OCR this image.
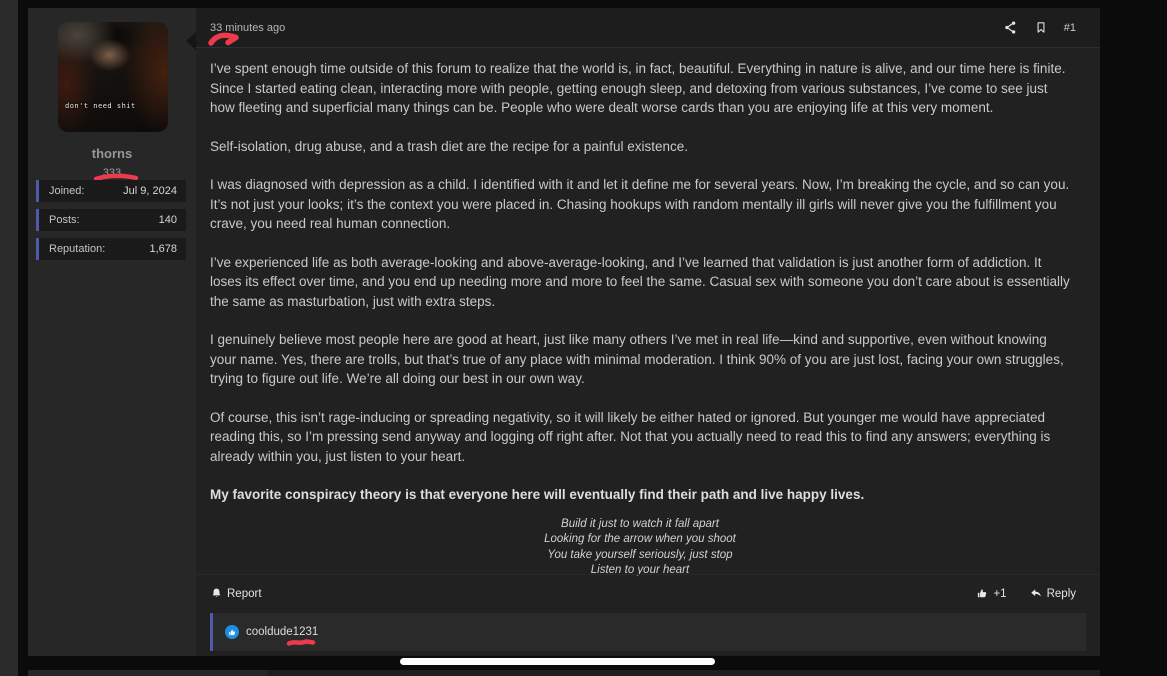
don't need shit
thorns
333
Joined:	Jul 9, 2024
Posts:	140
Reputation:	1,678
33 minutes ago	#1

I’ve spent enough time outside of this forum to realize that the world is, in fact, beautiful. Everything in nature is alive, and our time here is finite. Since I started eating clean, interacting more with people, getting enough sleep, and detoxing from various substances, I’ve come to see just how fleeting and superficial many things can be. People who were dealt worse cards than you are enjoying life at this very moment.

Self-isolation, drug abuse, and a trash diet are the recipe for a painful existence.

I was diagnosed with depression as a child. I identified with it and let it define me for several years. Now, I’m breaking the cycle, and so can you. It’s not just your looks; it’s the context you were placed in. Chasing hookups with random mentally ill girls will never give you the fulfillment you crave, you need real human connection.

I’ve experienced life as both average-looking and above-average-looking, and I’ve learned that validation is just another form of addiction. It loses its effect over time, and you end up needing more and more to feel the same. Casual sex with someone you don’t care about is essentially the same as masturbation, just with extra steps.

I genuinely believe most people here are good at heart, just like many others I’ve met in real life—kind and supportive, even without knowing your name. Yes, there are trolls, but that’s true of any place with minimal moderation. I think 90% of you are just lost, facing your own struggles, trying to figure out life. We’re all doing our best in our own way.

Of course, this isn’t rage-inducing or spreading negativity, so it will likely be either hated or ignored. But younger me would have appreciated reading this, so I’m pressing send anyway and logging off right after. Not that you actually need to read this to find any answers; everything is already within you, just listen to your heart.

My favorite conspiracy theory is that everyone here will eventually find their path and live happy lives.

Build it just to watch it fall apart
Looking for the arrow when you shoot
You take yourself seriously, just stop
Listen to your heart
Report	+1	Reply
cooldude1231
